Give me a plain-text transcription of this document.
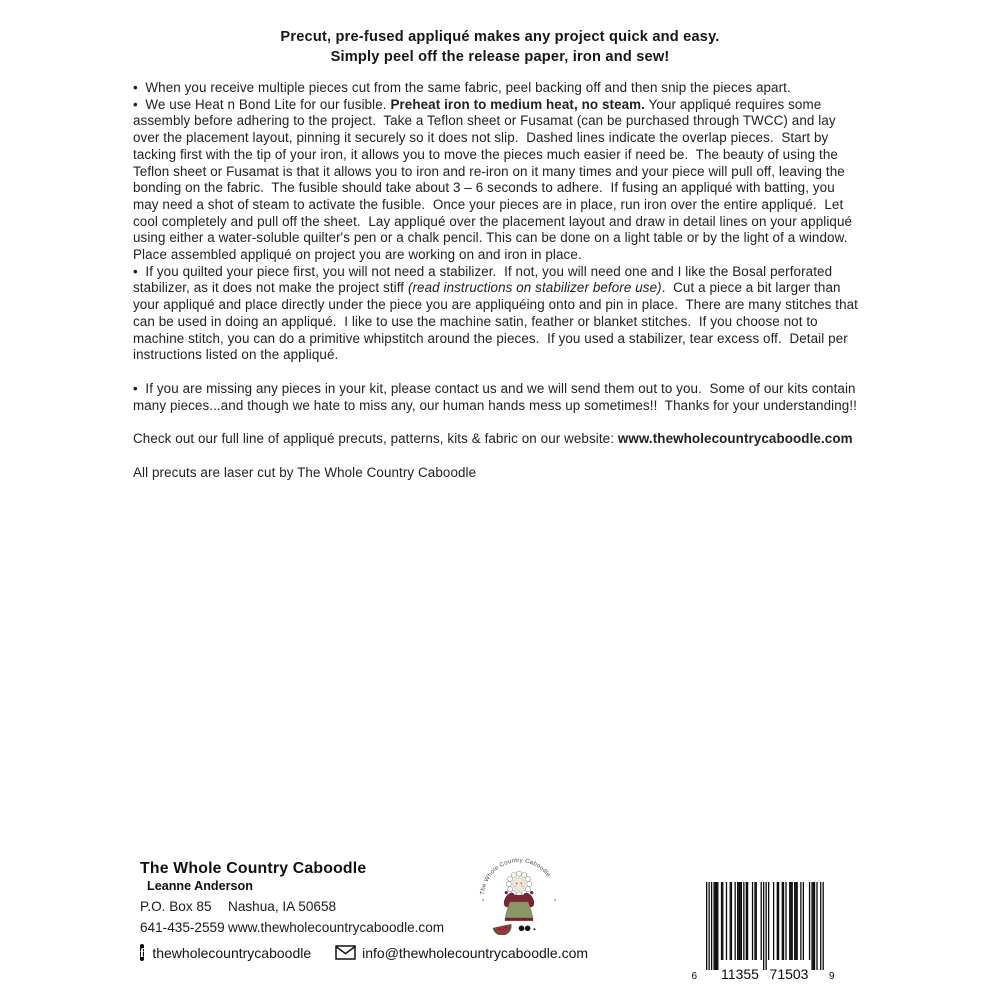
Precut, pre-fused appliqué makes any project quick and easy.
Simply peel off the release paper, iron and sew!

•  When you receive multiple pieces cut from the same fabric, peel backing off and then snip the pieces apart.

•  We use Heat n Bond Lite for our fusible. Preheat iron to medium heat, no steam. Your appliqué requires some assembly before adhering to the project.  Take a Teflon sheet or Fusamat (can be purchased through TWCC) and lay over the placement layout, pinning it securely so it does not slip.  Dashed lines indicate the overlap pieces.  Start by tacking first with the tip of your iron, it allows you to move the pieces much easier if need be.  The beauty of using the Teflon sheet or Fusamat is that it allows you to iron and re-iron on it many times and your piece will pull off, leaving the bonding on the fabric.  The fusible should take about 3 – 6 seconds to adhere.  If fusing an appliqué with batting, you may need a shot of steam to activate the fusible.  Once your pieces are in place, run iron over the entire appliqué.  Let cool completely and pull off the sheet.  Lay appliqué over the placement layout and draw in detail lines on your appliqué using either a water-soluble quilter's pen or a chalk pencil. This can be done on a light table or by the light of a window. Place assembled appliqué on project you are working on and iron in place.

•  If you quilted your piece first, you will not need a stabilizer.  If not, you will need one and I like the Bosal perforated stabilizer, as it does not make the project stiff (read instructions on stabilizer before use).  Cut a piece a bit larger than your appliqué and place directly under the piece you are appliquéing onto and pin in place.  There are many stitches that can be used in doing an appliqué.  I like to use the machine satin, feather or blanket stitches.  If you choose not to machine stitch, you can do a primitive whipstitch around the pieces.  If you used a stabilizer, tear excess off.  Detail per instructions listed on the appliqué.

•  If you are missing any pieces in your kit, please contact us and we will send them out to you.  Some of our kits contain many pieces...and though we hate to miss any, our human hands mess up sometimes!!  Thanks for your understanding!!

Check out our full line of appliqué precuts, patterns, kits & fabric on our website: www.thewholecountrycaboodle.com

All precuts are laser cut by The Whole Country Caboodle

The Whole Country Caboodle
Leanne Anderson
P.O. Box 85	Nashua, IA 50658
641-435-2559 www.thewholecountrycaboodle.com
f thewholecountrycaboodle	info@thewholecountrycaboodle.com
The Whole Country Caboodle
6 11355 71503 9
